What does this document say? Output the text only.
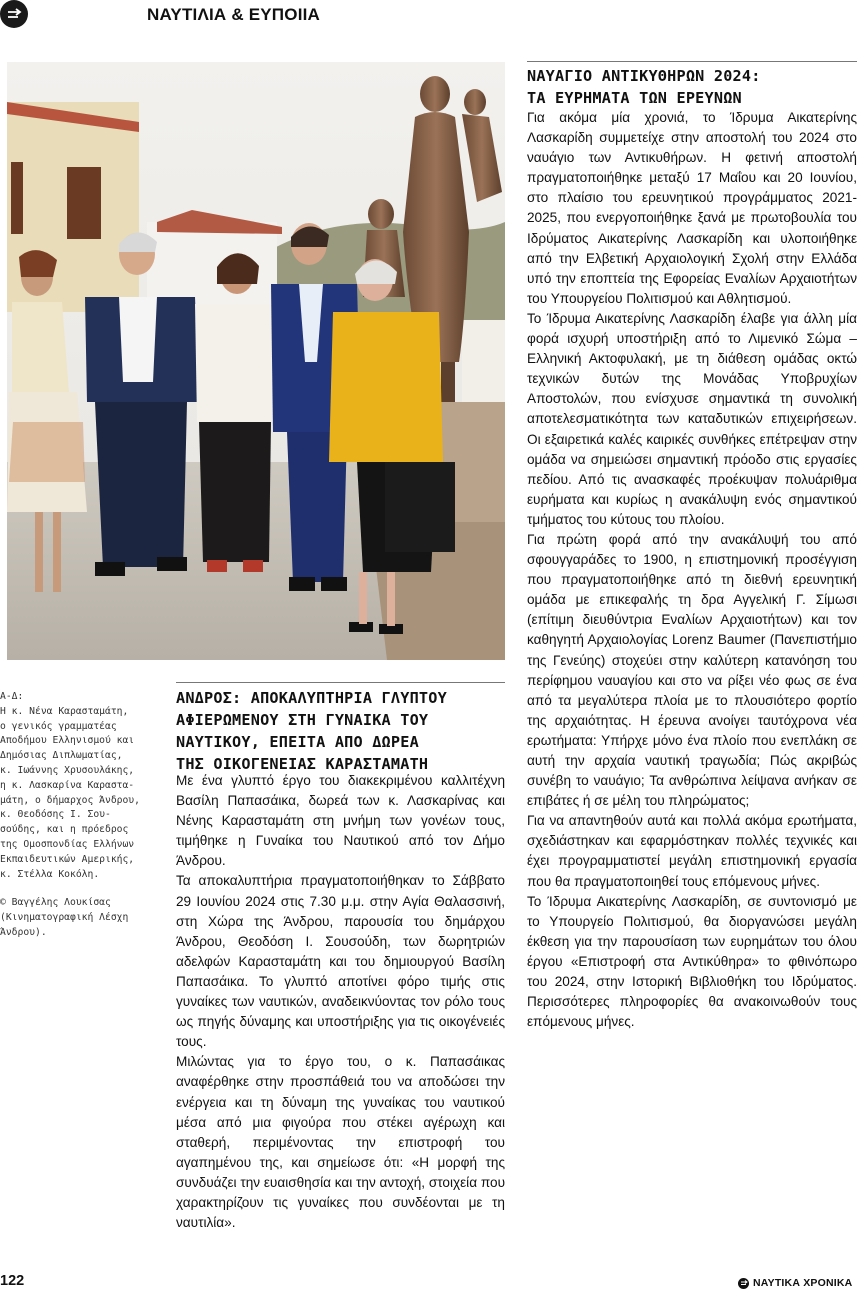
ΝΑΥΤΙΛΙΑ & ΕΥΠΟΙΙΑ

Α-Δ:

Η κ. Νένα Καρασταμάτη,

ο γενικός γραμματέας

Αποδήμου Ελληνισμού και

Δημόσιας Διπλωματίας,

κ. Ιωάννης Χρυσουλάκης,

η κ. Λασκαρίνα Καραστα-

μάτη, ο δήμαρχος Άνδρου,

κ. Θεοδόσης Ι. Σου-

σούδης, και η πρόεδρος

της Ομοσπονδίας Ελλήνων

Εκπαιδευτικών Αμερικής,

κ. Στέλλα Κοκόλη.

© Βαγγέλης Λουκίσας

(Κινηματογραφική Λέσχη

Άνδρου).

ΑΝΔΡΟΣ: ΑΠΟΚΑΛΥΠΤΗΡΙΑ ΓΛΥΠΤΟΥ
ΑΦΙΕΡΩΜΕΝΟΥ ΣΤΗ ΓΥΝΑΙΚΑ ΤΟΥ
ΝΑΥΤΙΚΟΥ, ΕΠΕΙΤΑ ΑΠΟ ΔΩΡΕΑ
ΤΗΣ ΟΙΚΟΓΕΝΕΙΑΣ ΚΑΡΑΣΤΑΜΑΤΗ

Με ένα γλυπτό έργο του διακεκριμένου καλλιτέχνη Βασίλη Παπασάικα, δωρεά των κ. Λασκαρίνας και Νένης Καρασταμάτη στη μνήμη των γονέων τους, τιμήθηκε η Γυναίκα του Ναυτικού από τον Δήμο Άνδρου.

Τα αποκαλυπτήρια πραγματοποιήθηκαν το Σάββατο 29 Ιουνίου 2024 στις 7.30 μ.μ. στην Αγία Θαλασσινή, στη Χώρα της Άνδρου, παρουσία του δημάρχου Άνδρου, Θεοδόση Ι. Σουσούδη, των δωρητριών αδελφών Καρασταμάτη και του δημιουργού Βασίλη Παπασάικα. Το γλυπτό αποτίνει φόρο τιμής στις γυναίκες των ναυτικών, αναδεικνύοντας τον ρόλο τους ως πηγής δύναμης και υποστήριξης για τις οικογένειές τους.

Μιλώντας για το έργο του, ο κ. Παπασάικας αναφέρθηκε στην προσπάθειά του να αποδώσει την ενέργεια και τη δύναμη της γυναίκας του ναυτικού μέσα από μια φιγούρα που στέκει αγέρωχη και σταθερή, περιμένοντας την επιστροφή του αγαπημένου της, και σημείωσε ότι: «Η μορφή της συνδυάζει την ευαισθησία και την αντοχή, στοιχεία που χαρακτηρίζουν τις γυναίκες που συνδέονται με τη ναυτιλία».

ΝΑΥΑΓΙΟ ΑΝΤΙΚΥΘΗΡΩΝ 2024:
ΤΑ ΕΥΡΗΜΑΤΑ ΤΩΝ ΕΡΕΥΝΩΝ

Για ακόμα μία χρονιά, το Ίδρυμα Αικατερίνης Λασκαρίδη συμμετείχε στην αποστολή του 2024 στο ναυάγιο των Αντικυθήρων. Η φετινή αποστολή πραγματοποιήθηκε μεταξύ 17 Μαΐου και 20 Ιουνίου, στο πλαίσιο του ερευνητικού προγράμματος 2021-2025, που ενεργοποιήθηκε ξανά με πρωτοβουλία του Ιδρύματος Αικατερίνης Λασκαρίδη και υλοποιήθηκε από την Ελβετική Αρχαιολογική Σχολή στην Ελλάδα υπό την εποπτεία της Εφορείας Εναλίων Αρχαιοτήτων του Υπουργείου Πολιτισμού και Αθλητισμού.

Το Ίδρυμα Αικατερίνης Λασκαρίδη έλαβε για άλλη μία φορά ισχυρή υποστήριξη από το Λιμενικό Σώμα – Ελληνική Ακτοφυλακή, με τη διάθεση ομάδας οκτώ τεχνικών δυτών της Μονάδας Υποβρυχίων Αποστολών, που ενίσχυσε σημαντικά τη συνολική αποτελεσματικότητα των καταδυτικών επιχειρήσεων. Οι εξαιρετικά καλές καιρικές συνθήκες επέτρεψαν στην ομάδα να σημειώσει σημαντική πρόοδο στις εργασίες πεδίου. Από τις ανασκαφές προέκυψαν πολυάριθμα ευρήματα και κυρίως η ανακάλυψη ενός σημαντικού τμήματος του κύτους του πλοίου.

Για πρώτη φορά από την ανακάλυψή του από σφουγγαράδες το 1900, η επιστημονική προσέγγιση που πραγματοποιήθηκε από τη διεθνή ερευνητική ομάδα με επικεφαλής τη δρα Αγγελική Γ. Σίμωσι (επίτιμη διευθύντρια Εναλίων Αρχαιοτήτων) και τον καθηγητή Αρχαιολογίας Lorenz Baumer (Πανεπιστήμιο της Γενεύης) στοχεύει στην καλύτερη κατανόηση του περίφημου ναυαγίου και στο να ρίξει νέο φως σε ένα από τα μεγαλύτερα πλοία με το πλουσιότερο φορτίο της αρχαιότητας. Η έρευνα ανοίγει ταυτόχρονα νέα ερωτήματα: Υπήρχε μόνο ένα πλοίο που ενεπλάκη σε αυτή την αρχαία ναυτική τραγωδία; Πώς ακριβώς συνέβη το ναυάγιο; Τα ανθρώπινα λείψανα ανήκαν σε επιβάτες ή σε μέλη του πληρώματος;

Για να απαντηθούν αυτά και πολλά ακόμα ερωτήματα, σχεδιάστηκαν και εφαρμόστηκαν πολλές τεχνικές και έχει προγραμματιστεί μεγάλη επιστημονική εργασία που θα πραγματοποιηθεί τους επόμενους μήνες.

Το Ίδρυμα Αικατερίνης Λασκαρίδη, σε συντονισμό με το Υπουργείο Πολιτισμού, θα διοργανώσει μεγάλη έκθεση για την παρουσίαση των ευρημάτων του όλου έργου «Επιστροφή στα Αντικύθηρα» το φθινόπωρο του 2024, στην Ιστορική Βιβλιοθήκη του Ιδρύματος. Περισσότερες πληροφορίες θα ανακοινωθούν τους επόμενους μήνες.

122	ΝΑΥΤΙΚΑ ΧΡΟΝΙΚΑ
